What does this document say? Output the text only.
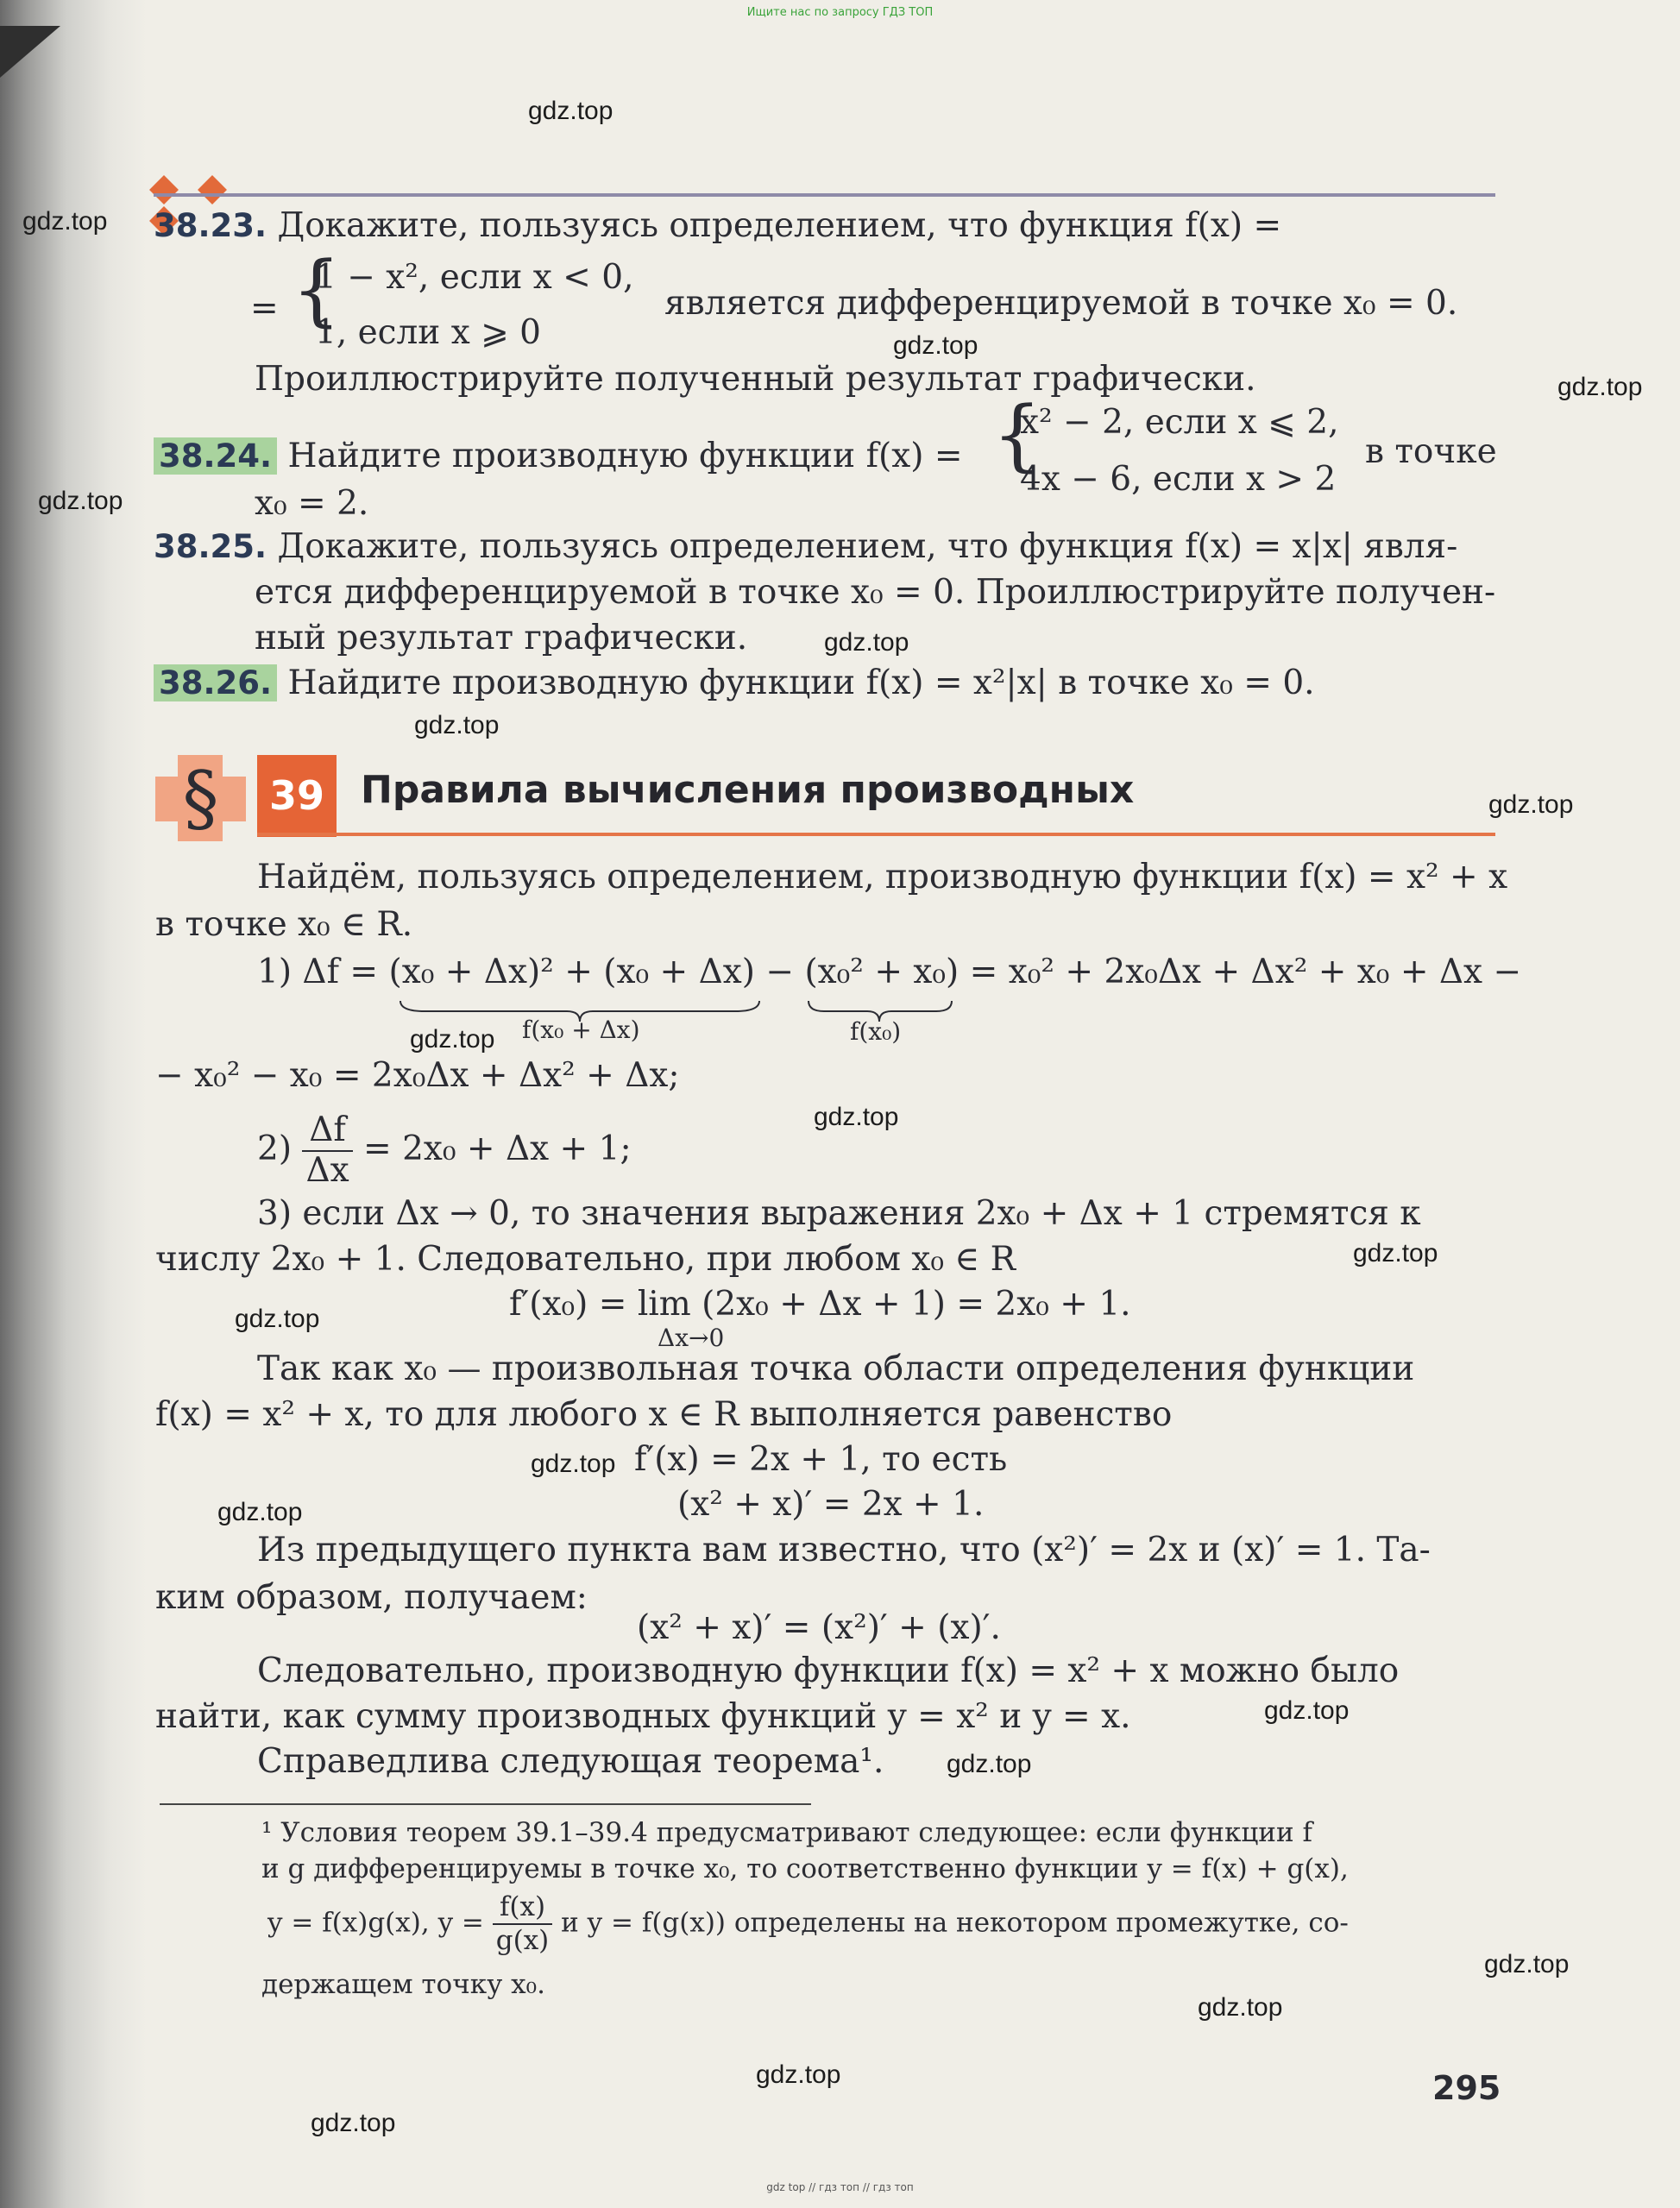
Ищите нас по запросу ГДЗ ТОП
gdz.top
gdz.top
gdz.top
gdz.top
gdz.top
gdz.top
gdz.top
gdz.top
gdz.top
gdz.top
gdz.top
gdz.top
gdz.top
gdz.top
gdz.top
gdz.top
gdz.top
gdz.top
gdz.top
gdz.top
38.23. Докажите, пользуясь определением, что функция f(x) =
= {
1 − x², если x < 0,
1, если x ⩾ 0
является дифференцируемой в точке x₀ = 0.
Проиллюстрируйте полученный результат графически.
38.24. Найдите производную функции f(x) = {
x² − 2, если x ⩽ 2,
4x − 6, если x > 2
в точке
x₀ = 2.
38.25. Докажите, пользуясь определением, что функция f(x) = x|x| явля-
ется дифференцируемой в точке x₀ = 0. Проиллюстрируйте получен-
ный результат графически.
38.26. Найдите производную функции f(x) = x²|x| в точке x₀ = 0.
§	39 Правила вычисления производных
Найдём, пользуясь определением, производную функции f(x) = x² + x
в точке x₀ ∈ R.
1) Δf = (x₀ + Δx)² + (x₀ + Δx) − (x₀² + x₀) = x₀² + 2x₀Δx + Δx² + x₀ + Δx −
f(x₀ + Δx)	f(x₀)
− x₀² − x₀ = 2x₀Δx + Δx² + Δx;
$2) \frac{\Delta f}{\Delta x} = 2x_0 + \Delta x + 1$;
3) если Δx → 0, то значения выражения 2x₀ + Δx + 1 стремятся к
числу 2x₀ + 1. Следовательно, при любом x₀ ∈ R
f′(x₀) = lim (2x₀ + Δx + 1) = 2x₀ + 1.
Δx→0
Так как x₀ — произвольная точка области определения функции
f(x) = x² + x, то для любого x ∈ R выполняется равенство
f′(x) = 2x + 1, то есть
(x² + x)′ = 2x + 1.
Из предыдущего пункта вам известно, что (x²)′ = 2x и (x)′ = 1. Та-
ким образом, получаем:
(x² + x)′ = (x²)′ + (x)′.
Следовательно, производную функции f(x) = x² + x можно было
найти, как сумму производных функций y = x² и y = x.
Справедлива следующая теорема¹.
¹ Условия теорем 39.1–39.4 предусматривают следующее: если функции f
и g дифференцируемы в точке x₀, то соответственно функции y = f(x) + g(x),
y = f(x)g(x), $y = \frac{f(x)}{g(x)}$ и y = f(g(x)) определены на некотором промежутке, со-
держащем точку x₀.
295
gdz top // гдз топ // гдз топ
